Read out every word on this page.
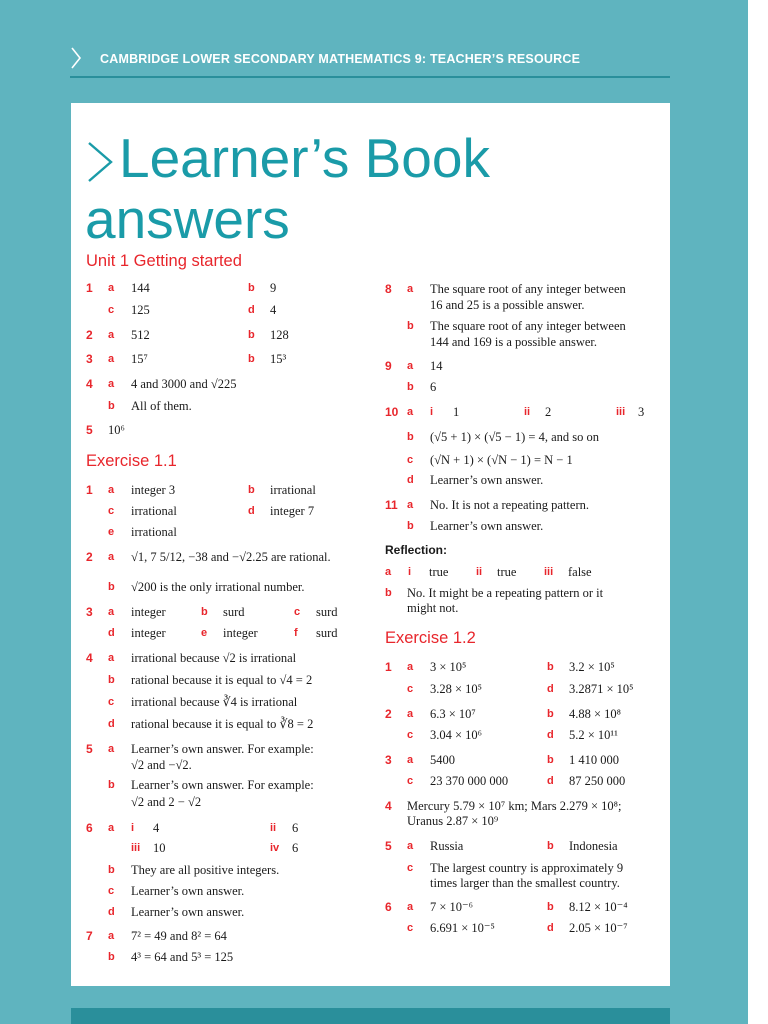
CAMBRIDGE LOWER SECONDARY MATHEMATICS 9: TEACHER’S RESOURCE
Learner’s Book
answers
Unit 1 Getting started
1 a 144	b 9
c 125	d 4
2 a 512	b 128
3 a 15⁷	b 15³
4 a 4 and 3000 and √225
b All of them.
5 10⁶
Exercise 1.1
1 a integer 3	b irrational
c irrational	d integer 7
e irrational
2 a √1, 7 5/12, −38 and −√2.25 are rational.
b √200 is the only irrational number.
3 a integer	b surd	c surd
d integer	e integer	f surd
4 a irrational because √2 is irrational
b rational because it is equal to √4 = 2
c irrational because ∛4 is irrational
d rational because it is equal to ∛8 = 2
5 a Learner’s own answer. For example:
√2 and −√2.
b Learner’s own answer. For example:
√2 and 2 − √2
6 a i 4	ii 6
iii 10	iv 6
b They are all positive integers.
c Learner’s own answer.
d Learner’s own answer.
7 a 7² = 49 and 8² = 64
b 4³ = 64 and 5³ = 125
8 a The square root of any integer between
16 and 25 is a possible answer.
b The square root of any integer between
144 and 169 is a possible answer.
9 a 14
b 6
10 a i 1	ii 2	iii 3
b (√5 + 1) × (√5 − 1) = 4, and so on
c (√N + 1) × (√N − 1) = N − 1
d Learner’s own answer.
11 a No. It is not a repeating pattern.
b Learner’s own answer.
Reflection:
a i true	ii true	iii false
b No. It might be a repeating pattern or it
might not.
Exercise 1.2
1 a 3 × 10⁵	b 3.2 × 10⁵
c 3.28 × 10⁵	d 3.2871 × 10⁵
2 a 6.3 × 10⁷	b 4.88 × 10⁸
c 3.04 × 10⁶	d 5.2 × 10¹¹
3 a 5400	b 1 410 000
c 23 370 000 000	d 87 250 000
4 Mercury 5.79 × 10⁷ km; Mars 2.279 × 10⁸;
Uranus 2.87 × 10⁹
5 a Russia	b Indonesia
c The largest country is approximately 9
times larger than the smallest country.
6 a 7 × 10⁻⁶	b 8.12 × 10⁻⁴
c 6.691 × 10⁻⁵	d 2.05 × 10⁻⁷
